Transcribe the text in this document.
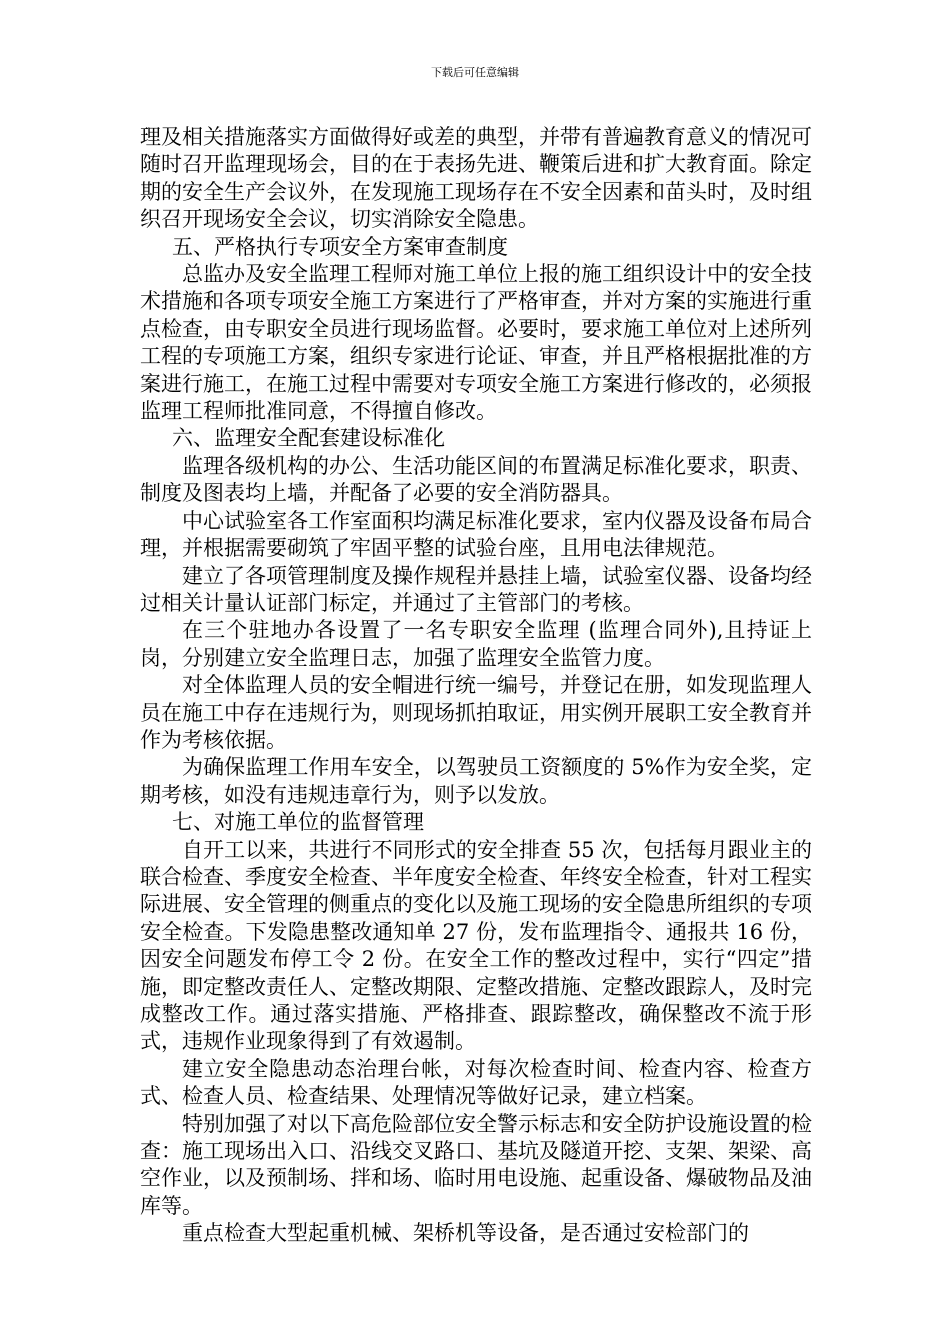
下载后可任意编辑

理及相关措施落实方面做得好或差的典型，并带有普遍教育意义的情况可随时召开监理现场会，目的在于表扬先进、鞭策后进和扩大教育面。除定期的安全生产会议外，在发现施工现场存在不安全因素和苗头时，及时组织召开现场安全会议，切实消除安全隐患。

五、严格执行专项安全方案审查制度

总监办及安全监理工程师对施工单位上报的施工组织设计中的安全技术措施和各项专项安全施工方案进行了严格审查，并对方案的实施进行重点检查，由专职安全员进行现场监督。必要时，要求施工单位对上述所列工程的专项施工方案，组织专家进行论证、审查，并且严格根据批准的方案进行施工，在施工过程中需要对专项安全施工方案进行修改的，必须报监理工程师批准同意，不得擅自修改。

六、监理安全配套建设标准化

监理各级机构的办公、生活功能区间的布置满足标准化要求，职责、制度及图表均上墙，并配备了必要的安全消防器具。

中心试验室各工作室面积均满足标准化要求，室内仪器及设备布局合理，并根据需要砌筑了牢固平整的试验台座，且用电法律规范。

建立了各项管理制度及操作规程并悬挂上墙，试验室仪器、设备均经过相关计量认证部门标定，并通过了主管部门的考核。

在三个驻地办各设置了一名专职安全监理 (监理合同外),且持证上岗，分别建立安全监理日志，加强了监理安全监管力度。

对全体监理人员的安全帽进行统一编号，并登记在册，如发现监理人员在施工中存在违规行为，则现场抓拍取证，用实例开展职工安全教育并作为考核依据。

为确保监理工作用车安全，以驾驶员工资额度的 5%作为安全奖，定期考核，如没有违规违章行为，则予以发放。

七、对施工单位的监督管理

自开工以来，共进行不同形式的安全排查 55 次，包括每月跟业主的联合检查、季度安全检查、半年度安全检查、年终安全检查，针对工程实际进展、安全管理的侧重点的变化以及施工现场的安全隐患所组织的专项安全检查。下发隐患整改通知单 27 份，发布监理指令、通报共 16 份，因安全问题发布停工令 2 份。在安全工作的整改过程中，实行“四定”措施，即定整改责任人、定整改期限、定整改措施、定整改跟踪人，及时完成整改工作。通过落实措施、严格排查、跟踪整改，确保整改不流于形式，违规作业现象得到了有效遏制。

建立安全隐患动态治理台帐，对每次检查时间、检查内容、检查方式、检查人员、检查结果、处理情况等做好记录，建立档案。

特别加强了对以下高危险部位安全警示标志和安全防护设施设置的检查：施工现场出入口、沿线交叉路口、基坑及隧道开挖、支架、架梁、高空作业，以及预制场、拌和场、临时用电设施、起重设备、爆破物品及油库等。

重点检查大型起重机械、架桥机等设备，是否通过安检部门的
